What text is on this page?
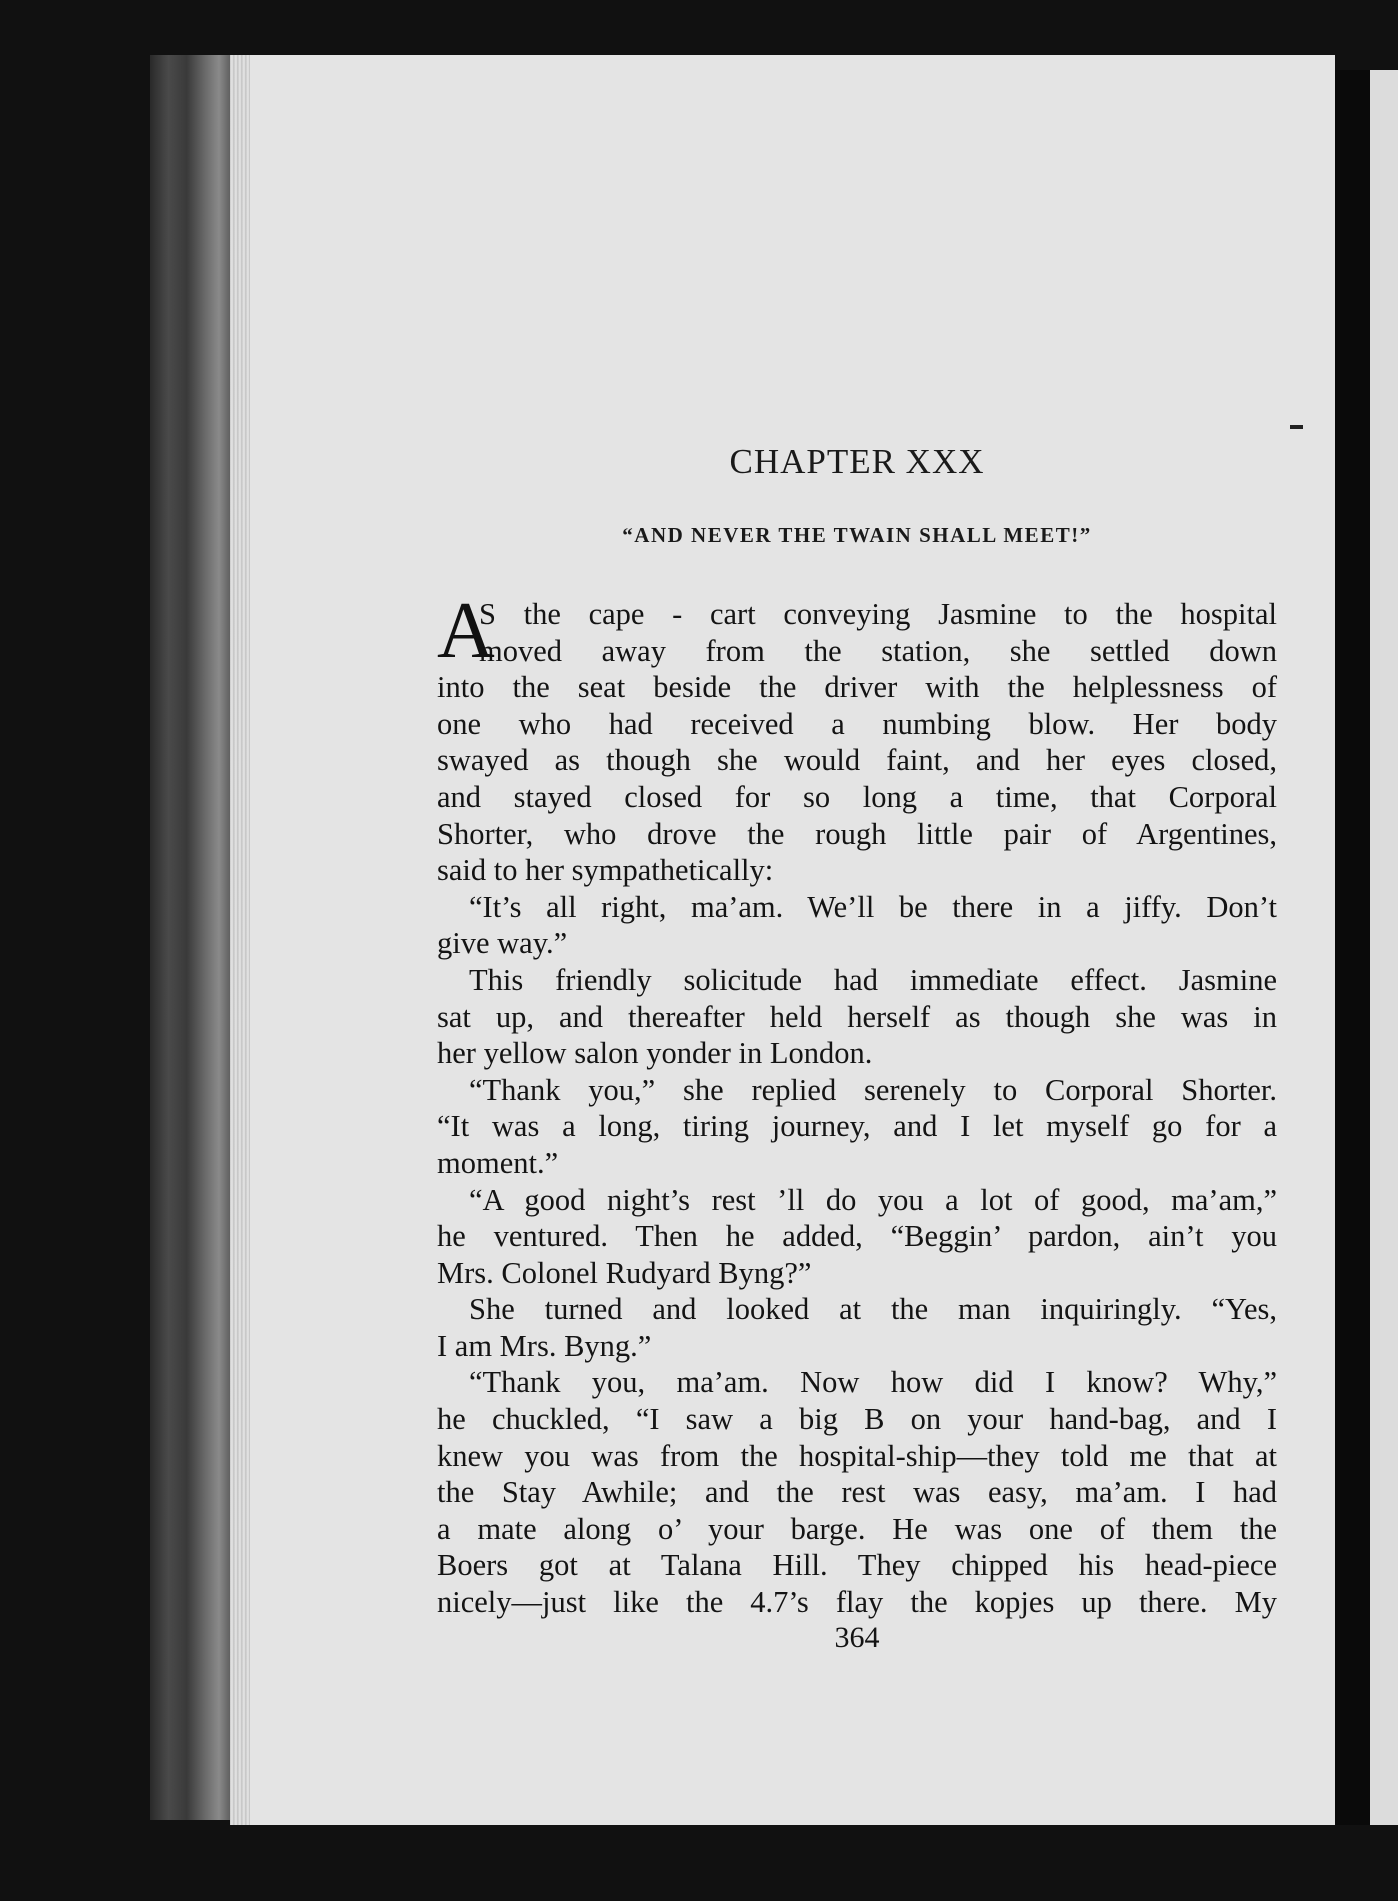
CHAPTER XXX
“AND NEVER THE TWAIN SHALL MEET!”
A
S the cape - cart conveying Jasmine to the hospital
moved away from the station, she settled down
into the seat beside the driver with the helplessness of
one who had received a numbing blow. Her body
swayed as though she would faint, and her eyes closed,
and stayed closed for so long a time, that Corporal
Shorter, who drove the rough little pair of Argentines,
said to her sympathetically:
“It’s all right, ma’am. We’ll be there in a jiffy. Don’t
give way.”
This friendly solicitude had immediate effect. Jasmine
sat up, and thereafter held herself as though she was in
her yellow salon yonder in London.
“Thank you,” she replied serenely to Corporal Shorter.
“It was a long, tiring journey, and I let myself go for a
moment.”
“A good night’s rest ’ll do you a lot of good, ma’am,”
he ventured. Then he added, “Beggin’ pardon, ain’t you
Mrs. Colonel Rudyard Byng?”
She turned and looked at the man inquiringly. “Yes,
I am Mrs. Byng.”
“Thank you, ma’am. Now how did I know? Why,”
he chuckled, “I saw a big B on your hand-bag, and I
knew you was from the hospital-ship—they told me that at
the Stay Awhile; and the rest was easy, ma’am. I had
a mate along o’ your barge. He was one of them the
Boers got at Talana Hill. They chipped his head-piece
nicely—just like the 4.7’s flay the kopjes up there. My
364
